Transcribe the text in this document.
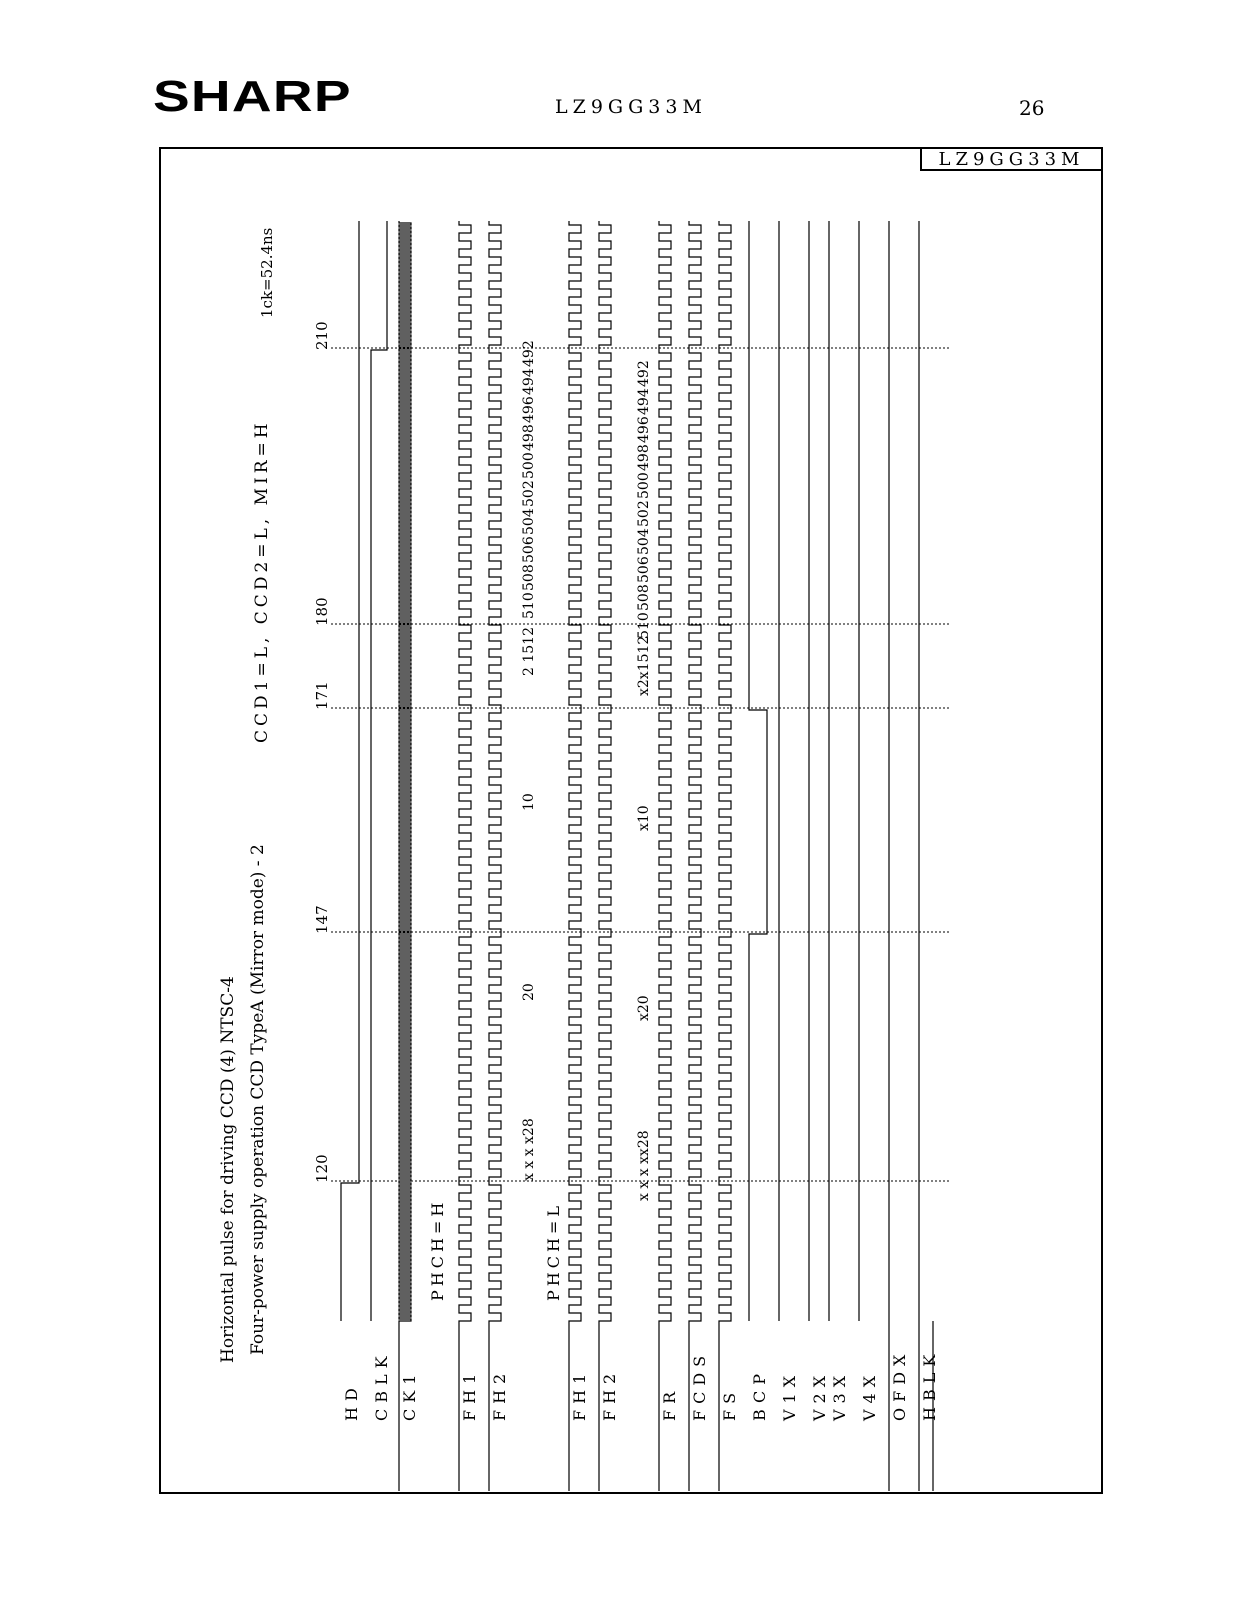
SHARP	LZ9GG33M	26
LZ9GG33M
Horizontal pulse for driving CCD (4) NTSC-4 Four-power supply operation CCD TypeA (Mirror mode) - 2
CCD1=L, CCD2=L, MIR=H
1ck=52.4ns
120
147
171
180
210
HD CBLK CK1	FH1 FH2	FH1 FH2	FR FCDS FS BCP V1X V2X V3X V4X OFDX HBLK
PHCH=H	PHCH=L
x x x x28
20
10
2 1512
510
508
506
504
502
500
498
496
494
492
x x x xx28
x20
x10
x2x1512
510
508
506
504
502
500
498
496
494
492
